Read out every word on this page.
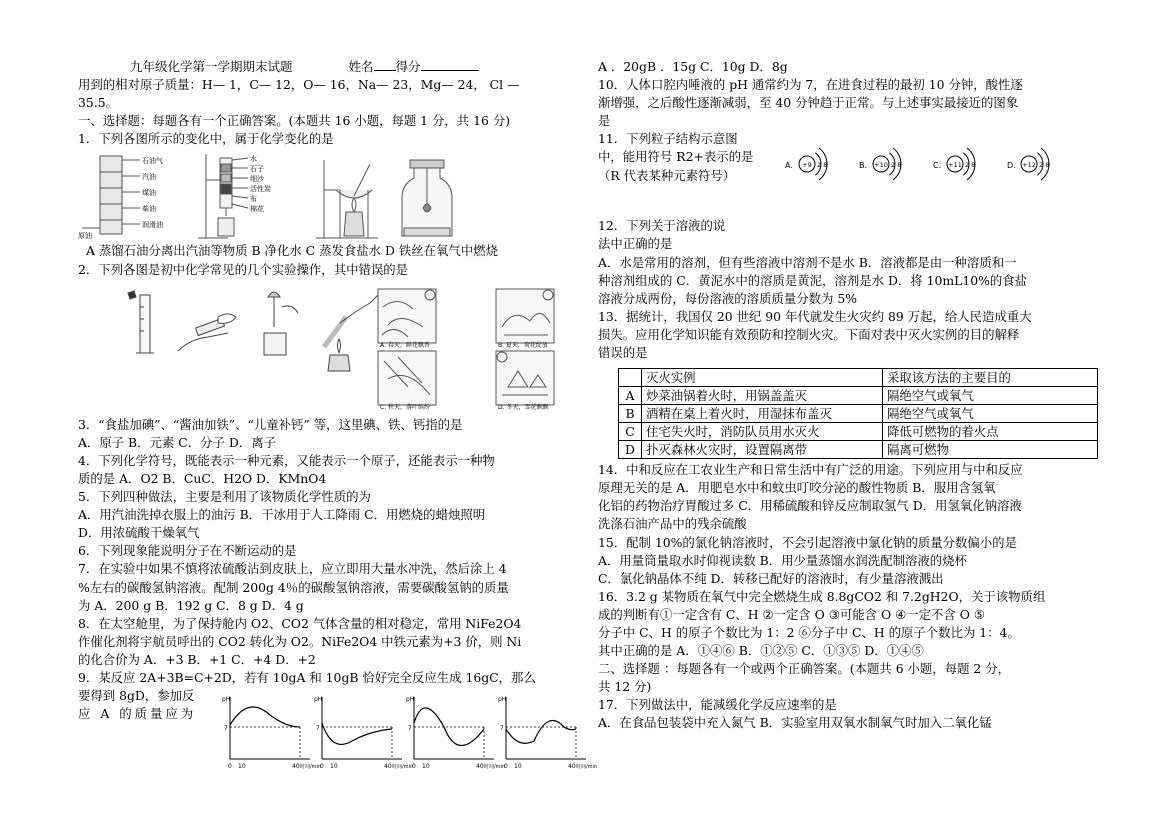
九年级化学第一学期期末试题	姓名 得分
用到的相对原子质量：H— 1，C— 12，O— 16，Na— 23，Mg— 24， Cl —
35.5。
一、选择题：每题各有一个正确答案。(本题共 16 小题，每题 1 分，共 16 分)
1．下列各图所示的变化中，属于化学变化的是
石油气
汽油
煤油
柴油
润滑油
原油
水
石子
细沙
活性炭
布
棉花
A 蒸馏石油分离出汽油等物质 B 净化水 C 蒸发食盐水 D 铁丝在氧气中燃烧
2．下列各图是初中化学常见的几个实验操作，其中错误的是
A. 春天，鲜花飘香	B. 夏天，荷花绽放
C. 秋天，落叶缤纷	D. 冬天，雪花飘飘
3．“食盐加碘”、“酱油加铁”、“儿童补钙” 等，这里碘、铁、钙指的是
A．原子 B．元素 C．分子 D．离子
4．下列化学符号，既能表示一种元素，又能表示一个原子，还能表示一种物
质的是 A．O2 B．CuC．H2O D．KMnO4
5．下列四种做法，主要是利用了该物质化学性质的为
A．用汽油洗掉衣服上的油污 B．干冰用于人工降雨 C．用燃烧的蜡烛照明
D．用浓硫酸干燥氧气
6．下列现象能说明分子在不断运动的是
7．在实验中如果不慎将浓硫酸沾到皮肤上，应立即用大量水冲洗，然后涂上 4
%左右的碳酸氢钠溶液。配制 200g 4％的碳酸氢钠溶液，需要碳酸氢钠的质量
为 A．200 g B．192 g C．8 g D．4 g
8．在太空舱里，为了保持舱内 O2、CO2 气体含量的相对稳定，常用 NiFe2O4
作催化剂将宇航员呼出的 CO2 转化为 O2。NiFe2O4 中铁元素为+3 价，则 Ni
的化合价为 A．+3 B．+1 C．+4 D．+2
9．某反应 2A+3B=C+2D，若有 10gA 和 10gB 恰好完全反应生成 16gC，那么
要得到 8gD，参加反
应 A 的质量应为
pH
7
0 10	40 时间/min
pH
7
0 10	40 时间/min
pH
7
0 10	40 时间/min
pH
7
0 10	40 时间/min
A ．20gB ．15g C．10g D．8g
10．人体口腔内唾液的 pH 通常约为 7，在进食过程的最初 10 分钟，酸性逐
渐增强，之后酸性逐渐减弱，至 40 分钟趋于正常。与上述事实最接近的图象
是
11．下列粒子结构示意图中，能用符号 R2+表示的是（R 代表某种元素符号）
A. +9 2 8	B. +10 2 8	C. +11 2 8	D. +12 2 8
12．下列关于溶液的说
法中正确的是
A．水是常用的溶剂，但有些溶液中溶剂不是水 B．溶液都是由一种溶质和一
种溶剂组成的 C．黄泥水中的溶质是黄泥，溶剂是水 D．将 10mL10%的食盐
溶液分成两份，每份溶液的溶质质量分数为 5%
13．据统计，我国仅 20 世纪 90 年代就发生火灾约 89 万起，给人民造成重大
损失。应用化学知识能有效预防和控制火灾。下面对表中灭火实例的目的解释
错误的是
	灭火实例	采取该方法的主要目的
A	炒菜油锅着火时，用锅盖盖灭	隔绝空气或氧气
B	酒精在桌上着火时，用湿抹布盖灭	隔绝空气或氧气
C	住宅失火时，消防队员用水灭火	降低可燃物的着火点
D	扑灭森林火灾时，设置隔离带	隔离可燃物
14．中和反应在工农业生产和日常生活中有广泛的用途。下列应用与中和反应
原理无关的是 A．用肥皂水中和蚊虫叮咬分泌的酸性物质 B．服用含氢氧
化铝的药物治疗胃酸过多 C．用稀硫酸和锌反应制取氢气 D．用氢氧化钠溶液
洗涤石油产品中的残余硫酸
15．配制 10%的氯化钠溶液时，不会引起溶液中氯化钠的质量分数偏小的是
A．用量筒量取水时仰视读数 B．用少量蒸馏水润洗配制溶液的烧杯
C．氯化钠晶体不纯 D．转移已配好的溶液时，有少量溶液溅出
16．3.2 g 某物质在氧气中完全燃烧生成 8.8gCO2 和 7.2gH2O，关于该物质组
成的判断有①一定含有 C、H ②一定含 O ③可能含 O ④一定不含 O ⑤
分子中 C、H 的原子个数比为 1：2 ⑥分子中 C、H 的原子个数比为 1：4。
其中正确的是 A．①④⑥ B．①②⑤ C．①③⑤ D．①④⑤
二、选择题 ：每题各有一个或两个正确答案。(本题共 6 小题，每题 2 分，
共 12 分)
17．下列做法中，能减缓化学反应速率的是
A．在食品包装袋中充入氮气 B．实验室用双氧水制氧气时加入二氧化锰
